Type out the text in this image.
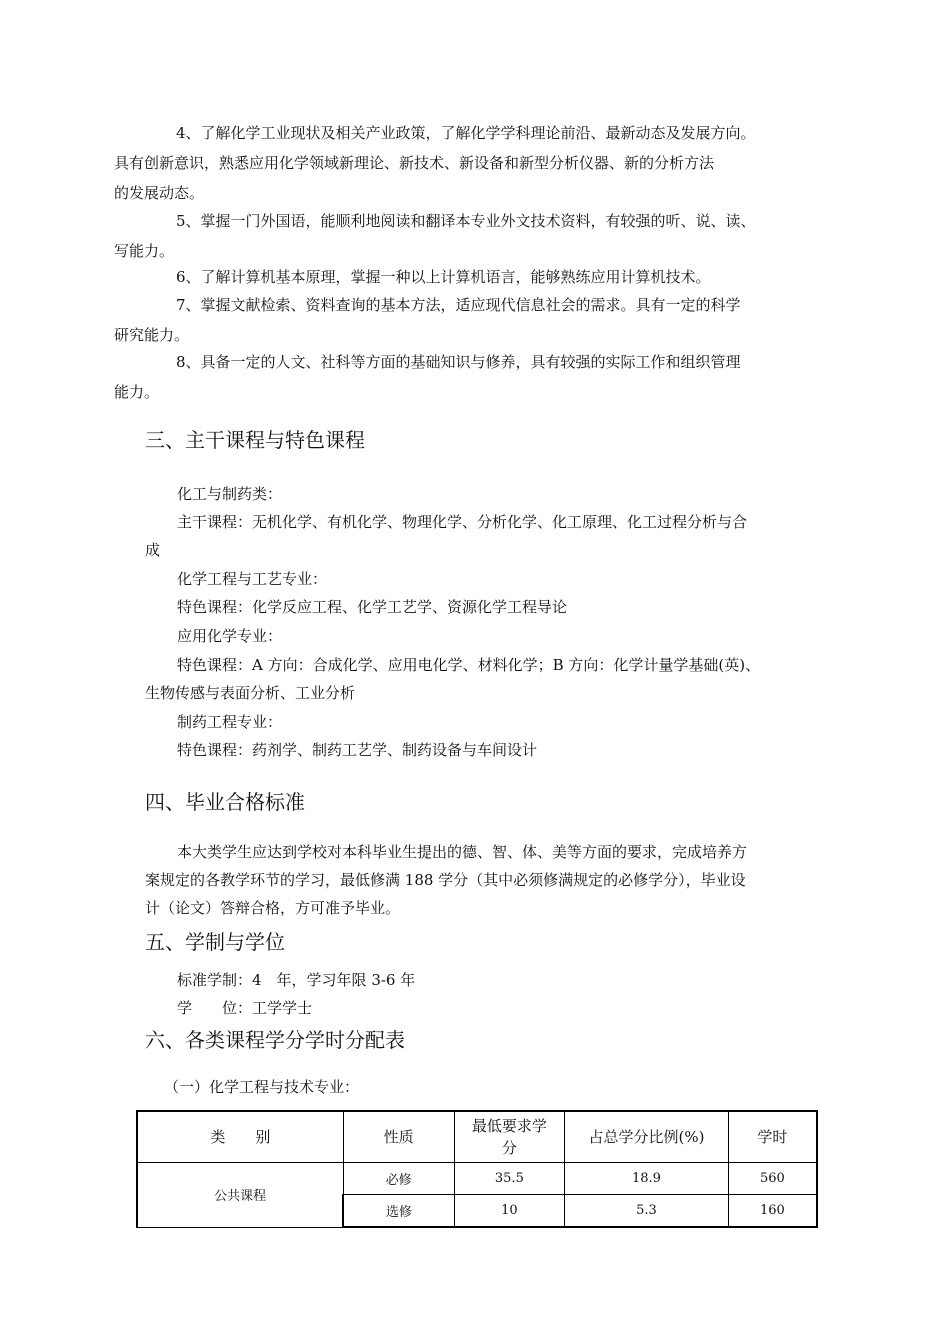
4、了解化学工业现状及相关产业政策，了解化学学科理论前沿、最新动态及发展方向。
具有创新意识，熟悉应用化学领域新理论、新技术、新设备和新型分析仪器、新的分析方法
的发展动态。

5、掌握一门外国语，能顺利地阅读和翻译本专业外文技术资料，有较强的听、说、读、
写能力。

6、了解计算机基本原理，掌握一种以上计算机语言，能够熟练应用计算机技术。

7、掌握文献检索、资料查询的基本方法，适应现代信息社会的需求。具有一定的科学
研究能力。

8、具备一定的人文、社科等方面的基础知识与修养，具有较强的实际工作和组织管理
能力。

三、主干课程与特色课程
化工与制药类：
主干课程：无机化学、有机化学、物理化学、分析化学、化工原理、化工过程分析与合
成
化学工程与工艺专业：
特色课程：化学反应工程、化学工艺学、资源化学工程导论
应用化学专业：
特色课程：A 方向：合成化学、应用电化学、材料化学；B 方向：化学计量学基础(英)、
生物传感与表面分析、工业分析
制药工程专业：
特色课程：药剂学、制药工艺学、制药设备与车间设计
四、毕业合格标准
本大类学生应达到学校对本科毕业生提出的德、智、体、美等方面的要求，完成培养方
案规定的各教学环节的学习，最低修满 188 学分（其中必须修满规定的必修学分），毕业设
计（论文）答辩合格，方可准予毕业。
五、学制与学位
标准学制：4　年，学习年限 3-6 年
学　　位：工学学士
六、各类课程学分学时分配表
（一）化学工程与技术专业：
类　　别	性质	最低要求学分	占总学分比例(%)	学时
公共课程	必修	35.5	18.9	560
	选修	10	5.3	160
